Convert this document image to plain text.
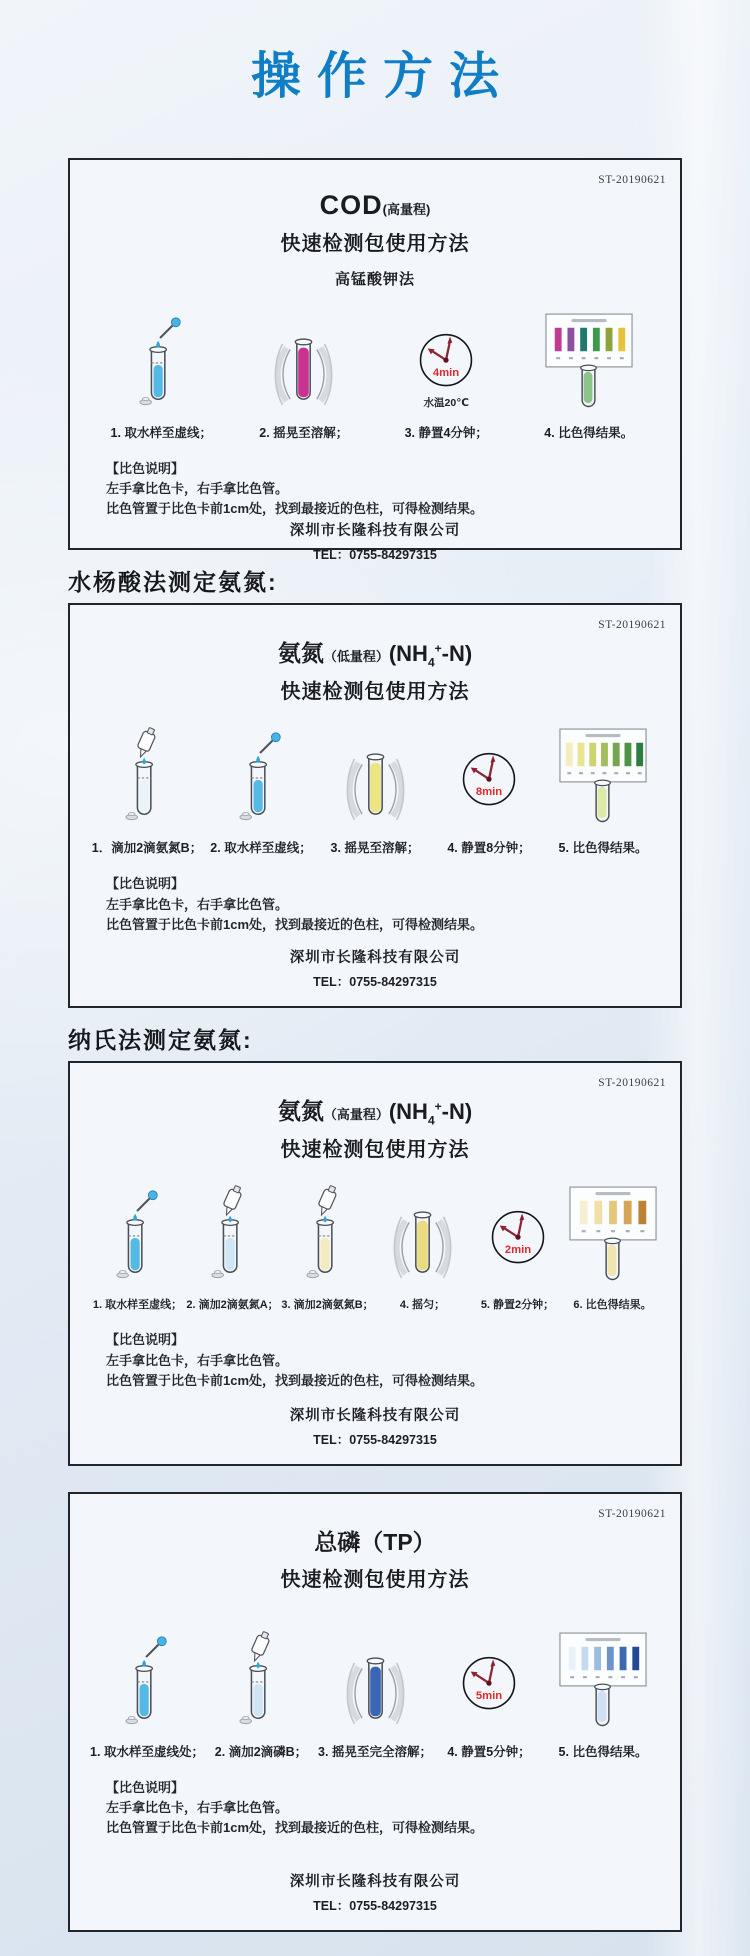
操作方法
ST-20190621
COD(高量程)
快速检测包使用方法
高锰酸钾法
1. 取水样至虚线；	2. 摇晃至溶解；
4min
水温20℃
3. 静置4分钟；	4. 比色得结果。
【比色说明】
左手拿比色卡，右手拿比色管。
比色管置于比色卡前1cm处，找到最接近的色柱，可得检测结果。
深圳市长隆科技有限公司
TEL：0755-84297315
水杨酸法测定氨氮:
ST-20190621
氨氮（低量程）$(NH_4^+-N)$
快速检测包使用方法
1．滴加2滴氨氮B； 2. 取水样至虚线； 3. 摇晃至溶解；
8min
4. 静置8分钟； 5. 比色得结果。
【比色说明】
左手拿比色卡，右手拿比色管。
比色管置于比色卡前1cm处，找到最接近的色柱，可得检测结果。
深圳市长隆科技有限公司
TEL：0755-84297315
纳氏法测定氨氮:
ST-20190621
氨氮（高量程）$(NH_4^+-N)$
快速检测包使用方法
1. 取水样至虚线； 2. 滴加2滴氨氮A； 3. 滴加2滴氨氮B； 4. 摇匀；
2min
5. 静置2分钟； 6. 比色得结果。
【比色说明】
左手拿比色卡，右手拿比色管。
比色管置于比色卡前1cm处，找到最接近的色柱，可得检测结果。
深圳市长隆科技有限公司
TEL：0755-84297315
ST-20190621
总磷（TP）
快速检测包使用方法
1. 取水样至虚线处； 2. 滴加2滴磷B； 3. 摇晃至完全溶解；
5min
4. 静置5分钟； 5. 比色得结果。
【比色说明】
左手拿比色卡，右手拿比色管。
比色管置于比色卡前1cm处，找到最接近的色柱，可得检测结果。
深圳市长隆科技有限公司
TEL：0755-84297315
